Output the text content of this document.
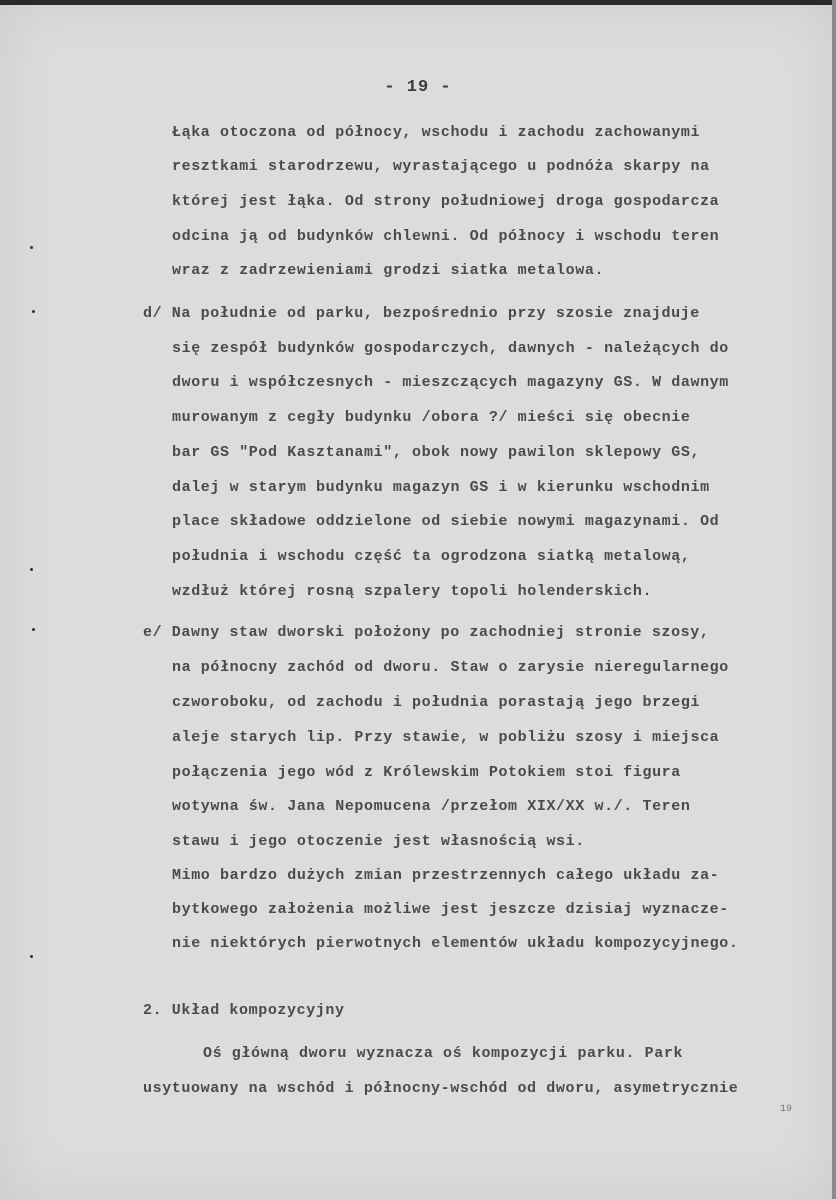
- 19 -
Łąka otoczona od północy, wschodu i zachodu zachowanymi
resztkami starodrzewu, wyrastającego u podnóża skarpy na
której jest łąka. Od strony południowej droga gospodarcza
odcina ją od budynków chlewni. Od północy i wschodu teren
wraz z zadrzewieniami grodzi siatka metalowa.
d/ Na południe od parku, bezpośrednio przy szosie znajduje
się zespół budynków gospodarczych, dawnych - należących do
dworu i współczesnych - mieszczących magazyny GS. W dawnym
murowanym z cegły budynku /obora ?/ mieści się obecnie
bar GS "Pod Kasztanami", obok nowy pawilon sklepowy GS,
dalej w starym budynku magazyn GS i w kierunku wschodnim
place składowe oddzielone od siebie nowymi magazynami. Od
południa i wschodu część ta ogrodzona siatką metalową,
wzdłuż której rosną szpalery topoli holenderskich.
e/ Dawny staw dworski położony po zachodniej stronie szosy,
na północny zachód od dworu. Staw o zarysie nieregularnego
czworoboku, od zachodu i południa porastają jego brzegi
aleje starych lip. Przy stawie, w pobliżu szosy i miejsca
połączenia jego wód z Królewskim Potokiem stoi figura
wotywna św. Jana Nepomucena /przełom XIX/XX w./. Teren
stawu i jego otoczenie jest własnością wsi.
Mimo bardzo dużych zmian przestrzennych całego układu za-
bytkowego założenia możliwe jest jeszcze dzisiaj wyznacze-
nie niektórych pierwotnych elementów układu kompozycyjnego.
2. Układ kompozycyjny
Oś główną dworu wyznacza oś kompozycji parku. Park
usytuowany na wschód i północny-wschód od dworu, asymetrycznie
19
